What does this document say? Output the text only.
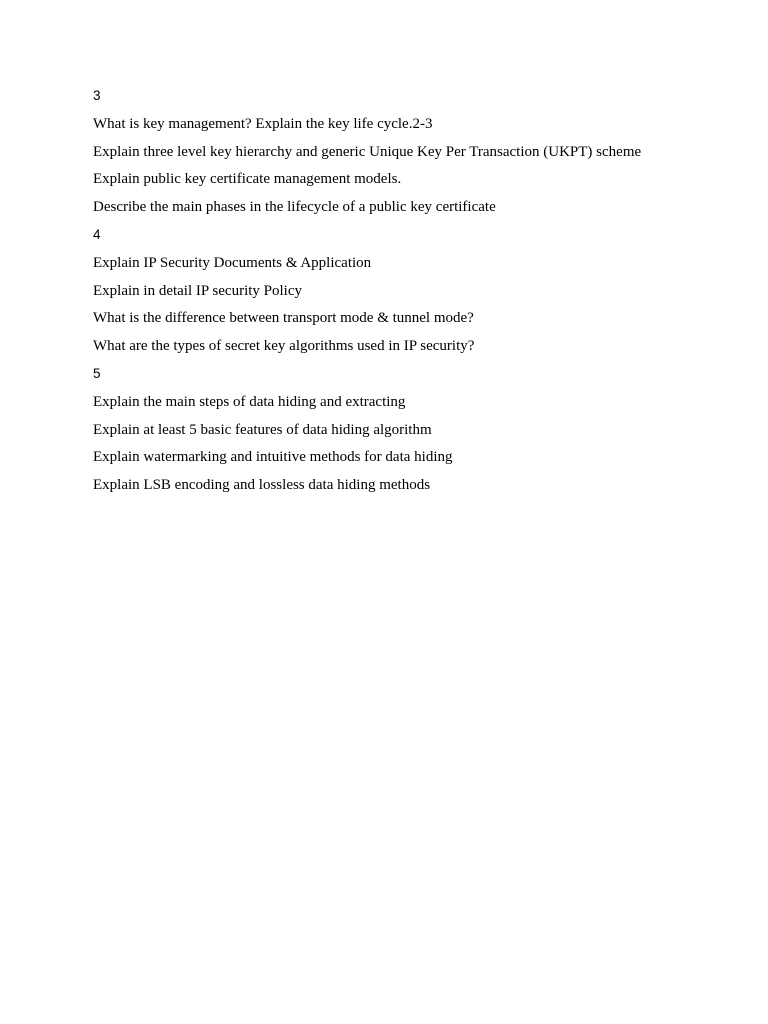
3
What is key management? Explain the key life cycle.2-3
Explain three level key hierarchy and generic Unique Key Per Transaction (UKPT) scheme
Explain public key certificate management models.
Describe the main phases in the lifecycle of a public key certificate
4
Explain IP Security Documents & Application
Explain in detail IP security Policy
What is the difference between transport mode & tunnel mode?
What are the types of secret key algorithms used in IP security?
5
Explain the main steps of data hiding and extracting
Explain at least 5 basic features of data hiding algorithm
Explain watermarking and intuitive methods for data hiding
Explain LSB encoding and lossless data hiding methods
